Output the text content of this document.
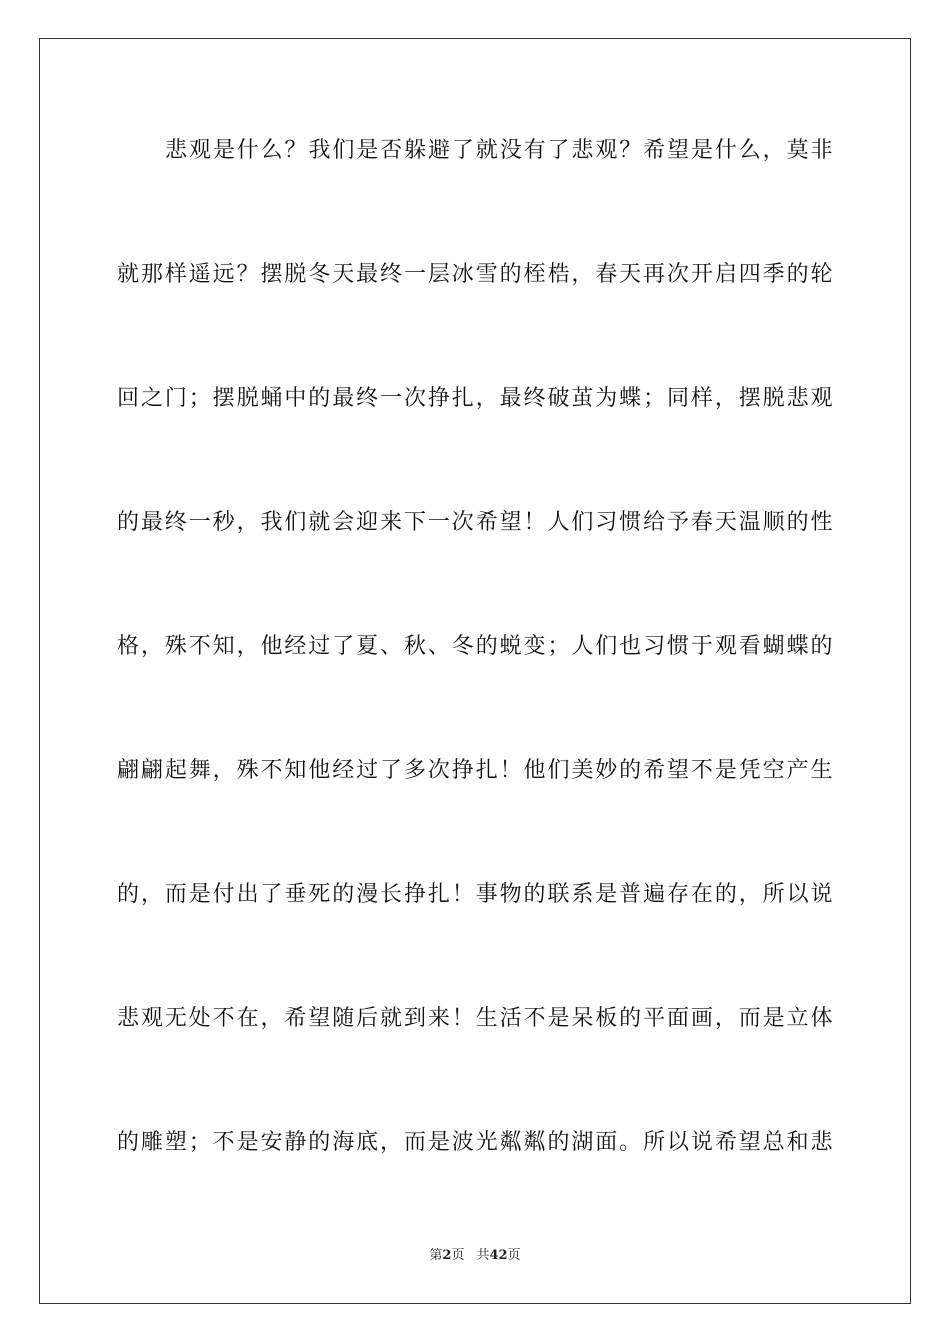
悲观是什么？我们是否躲避了就没有了悲观？希望是什么，莫非
就那样遥远？摆脱冬天最终一层冰雪的桎梏，春天再次开启四季的轮
回之门；摆脱蛹中的最终一次挣扎，最终破茧为蝶；同样，摆脱悲观
的最终一秒，我们就会迎来下一次希望！人们习惯给予春天温顺的性
格，殊不知，他经过了夏、秋、冬的蜕变；人们也习惯于观看蝴蝶的
翩翩起舞，殊不知他经过了多次挣扎！他们美妙的希望不是凭空产生
的，而是付出了垂死的漫长挣扎！事物的联系是普遍存在的，所以说
悲观无处不在，希望随后就到来！生活不是呆板的平面画，而是立体
的雕塑；不是安静的海底，而是波光粼粼的湖面。所以说希望总和悲
第2页 共42页
